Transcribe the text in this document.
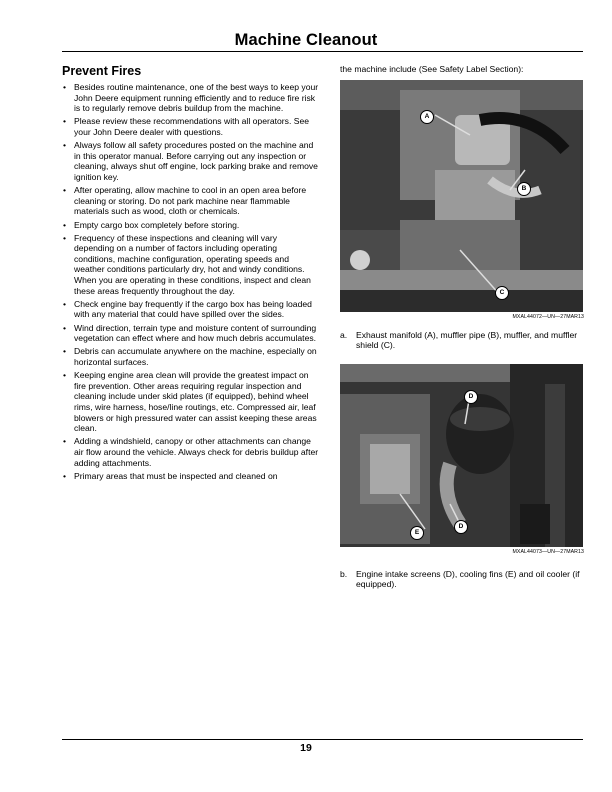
Machine Cleanout
Prevent Fires
• Besides routine maintenance, one of the best ways to keep your John Deere equipment running efficiently and to reduce fire risk is to regularly remove debris buildup from the machine.
• Please review these recommendations with all operators. See your John Deere dealer with questions.
• Always follow all safety procedures posted on the machine and in this operator manual. Before carrying out any inspection or cleaning, always shut off engine, lock parking brake and remove ignition key.
• After operating, allow machine to cool in an open area before cleaning or storing. Do not park machine near flammable materials such as wood, cloth or chemicals.
• Empty cargo box completely before storing.
• Frequency of these inspections and cleaning will vary depending on a number of factors including operating conditions, machine configuration, operating speeds and weather conditions particularly dry, hot and windy conditions. When you are operating in these conditions, inspect and clean these areas frequently throughout the day.
• Check engine bay frequently if the cargo box has being loaded with any material that could have spilled over the sides.
• Wind direction, terrain type and moisture content of surrounding vegetation can effect where and how much debris accumulates.
• Debris can accumulate anywhere on the machine, especially on horizontal surfaces.
• Keeping engine area clean will provide the greatest impact on fire prevention. Other areas requiring regular inspection and cleaning include under skid plates (if equipped), behind wheel rims, wire harness, hose/line routings, etc. Compressed air, leaf blowers or high pressured water can assist keeping these areas clean.
• Adding a windshield, canopy or other attachments can change air flow around the vehicle. Always check for debris buildup after adding attachments.
• Primary areas that must be inspected and cleaned on

the machine include (See Safety Label Section):

A
B
C
MXAL44072—UN—27MAR13

a. Exhaust manifold (A), muffler pipe (B), muffler, and muffler shield (C).

D
D
E
MXAL44073—UN—27MAR13

b. Engine intake screens (D), cooling fins (E) and oil cooler (if equipped).

19
